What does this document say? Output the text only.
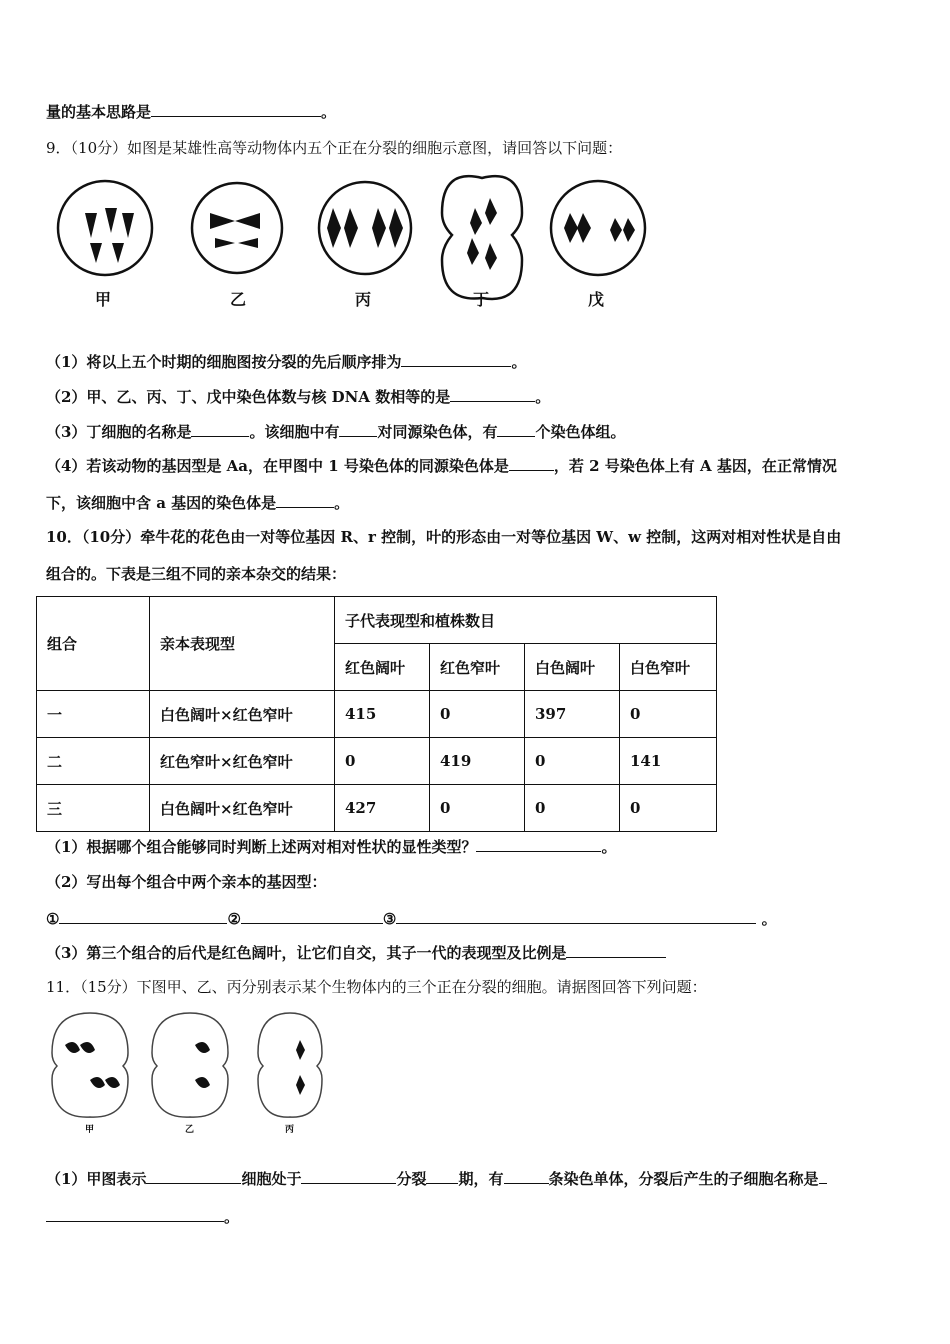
量的基本思路是	。
9．（10分）如图是某雄性高等动物体内五个正在分裂的细胞示意图，请回答以下问题：
甲	乙	丙	丁	戊
（1）将以上五个时期的细胞图按分裂的先后顺序排为	。
（2）甲、乙、丙、丁、戊中染色体数与核 DNA 数相等的是	。
（3）丁细胞的名称是	。该细胞中有	对同源染色体，有	个染色体组。
（4）若该动物的基因型是 Aa，在甲图中 1 号染色体的同源染色体是	，若 2 号染色体上有 A 基因，在正常情况
下，该细胞中含 a 基因的染色体是	。
10．（10分）牵牛花的花色由一对等位基因 R、r 控制，叶的形态由一对等位基因 W、w 控制，这两对相对性状是自由
组合的。下表是三组不同的亲本杂交的结果：
组合	亲本表现型	子代表现型和植株数目			
		红色阔叶	红色窄叶	白色阔叶	白色窄叶
一	白色阔叶×红色窄叶	415	0	397	0
二	红色窄叶×红色窄叶	0	419	0	141
三	白色阔叶×红色窄叶	427	0	0	0
（1）根据哪个组合能够同时判断上述两对相对性状的显性类型？	。
（2）写出每个组合中两个亲本的基因型：
①	②	③	。
（3）第三个组合的后代是红色阔叶，让它们自交，其子一代的表现型及比例是
11．（15分）下图甲、乙、丙分别表示某个生物体内的三个正在分裂的细胞。请据图回答下列问题：
甲	乙	丙
（1）甲图表示	细胞处于	分裂 期，有	条染色单体，分裂后产生的子细胞名称是
。
